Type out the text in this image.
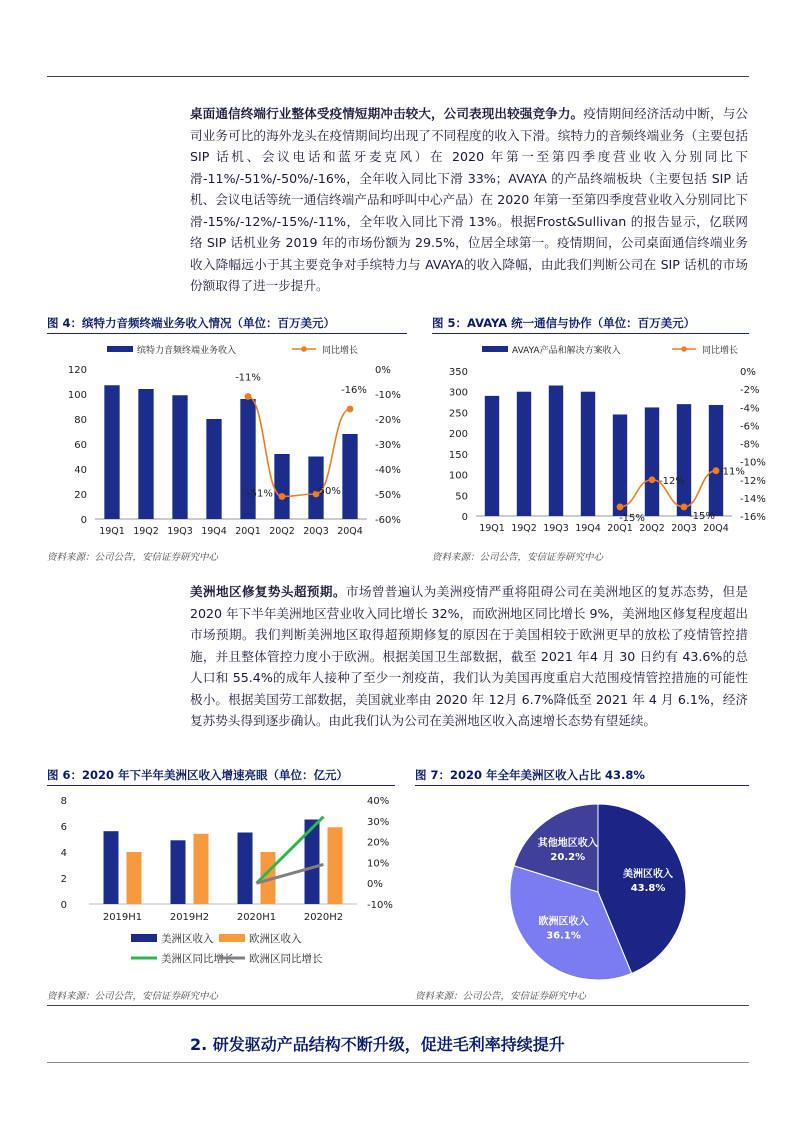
桌面通信终端行业整体受疫情短期冲击较大，公司表现出较强竞争力。疫情期间经济活动中断，与公司业务可比的海外龙头在疫情期间均出现了不同程度的收入下滑。缤特力的音频终端业务（主要包括 SIP 话机、会议电话和蓝牙麦克风）在 2020 年第一至第四季度营业收入分别同比下滑-11%/-51%/-50%/-16%，全年收入同比下滑 33%；AVAYA 的产品终端板块（主要包括 SIP 话机、会议电话等统一通信终端产品和呼叫中心产品）在 2020 年第一至第四季度营业收入分别同比下滑-15%/-12%/-15%/-11%，全年收入同比下滑 13%。根据Frost&Sullivan 的报告显示，亿联网络 SIP 话机业务 2019 年的市场份额为 29.5%，位居全球第一。疫情期间，公司桌面通信终端业务收入降幅远小于其主要竞争对手缤特力与 AVAYA的收入降幅，由此我们判断公司在 SIP 话机的市场份额取得了进一步提升。
图 4：缤特力音频终端业务收入情况（单位：百万美元）
缤特力音频终端业务收入	同比增长
120
100
80
60
40
20
0
0%
-10%
-20%
-30%
-40%
-50%
-60%
19Q1 19Q2 19Q3 19Q4 20Q1 20Q2 20Q3 20Q4
-11%
-51%	-50%
-16%
资料来源：公司公告，安信证券研究中心
图 5：AVAYA 统一通信与协作（单位：百万美元）
AVAYA产品和解决方案收入	同比增长
350
300
250
200
150
100
50
0
0%
-2%
-4%
-6%
-8%
-10%
-12%
-14%
-16%
19Q1 19Q2 19Q3 19Q4 20Q1 20Q2 20Q3 20Q4
-15%
-12%
-15%
-11%
资料来源：公司公告，安信证券研究中心
美洲地区修复势头超预期。市场曾普遍认为美洲疫情严重将阻碍公司在美洲地区的复苏态势，但是 2020 年下半年美洲地区营业收入同比增长 32%，而欧洲地区同比增长 9%，美洲地区修复程度超出市场预期。我们判断美洲地区取得超预期修复的原因在于美国相较于欧洲更早的放松了疫情管控措施，并且整体管控力度小于欧洲。根据美国卫生部数据，截至 2021 年4 月 30 日约有 43.6%的总人口和 55.4%的成年人接种了至少一剂疫苗，我们认为美国再度重启大范围疫情管控措施的可能性极小。根据美国劳工部数据，美国就业率由 2020 年 12月 6.7%降低至 2021 年 4 月 6.1%，经济复苏势头得到逐步确认。由此我们认为公司在美洲地区收入高速增长态势有望延续。
图 6：2020 年下半年美洲区收入增速亮眼（单位：亿元）
8
6
4
2
0
40%
30%
20%
10%
0%
-10%
2019H1	2019H2	2020H1	2020H2
美洲区收入	欧洲区收入
美洲区同比增长 欧洲区同比增长
资料来源：公司公告，安信证券研究中心
图 7：2020 年全年美洲区收入占比 43.8%
美洲区收入
43.8%
欧洲区收入
36.1%
其他地区收入
20.2%
资料来源：公司公告，安信证券研究中心
2. 研发驱动产品结构不断升级，促进毛利率持续提升
